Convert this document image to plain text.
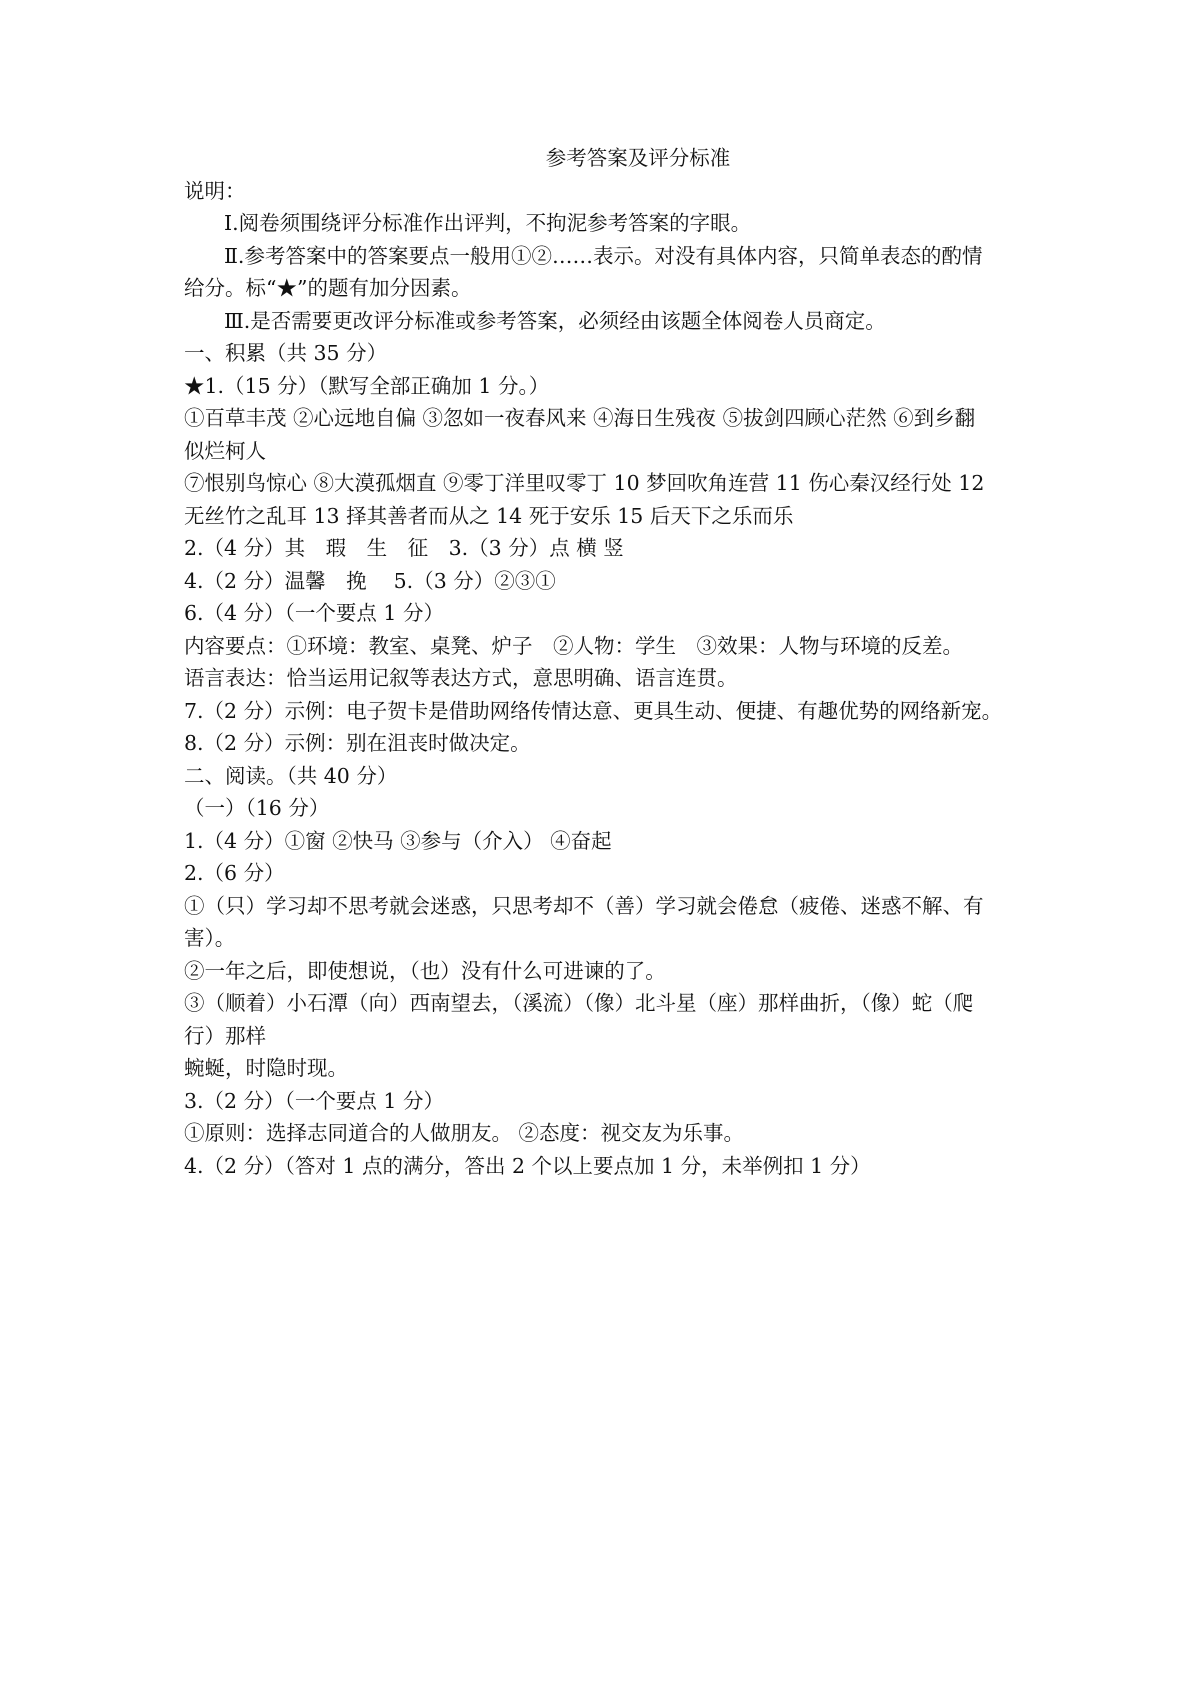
参考答案及评分标准
说明：
Ⅰ.阅卷须围绕评分标准作出评判，不拘泥参考答案的字眼。
Ⅱ.参考答案中的答案要点一般用①②……表示。对没有具体内容，只简单表态的酌情
给分。标“★”的题有加分因素。
Ⅲ.是否需要更改评分标准或参考答案，必须经由该题全体阅卷人员商定。
一、积累（共 35 分）
★1.（15 分）（默写全部正确加 1 分。）
①百草丰茂 ②心远地自偏 ③忽如一夜春风来 ④海日生残夜 ⑤拔剑四顾心茫然 ⑥到乡翻
似烂柯人
⑦恨别鸟惊心 ⑧大漠孤烟直 ⑨零丁洋里叹零丁 10 梦回吹角连营 11 伤心秦汉经行处 12
无丝竹之乱耳 13 择其善者而从之 14 死于安乐 15 后天下之乐而乐
2.（4 分）其　瑕　生　征　3.（3 分）点 横 竖
4.（2 分）温馨　挽　 5.（3 分）②③①
6.（4 分）（一个要点 1 分）
内容要点：①环境：教室、桌凳、炉子　②人物：学生　③效果：人物与环境的反差。
语言表达：恰当运用记叙等表达方式，意思明确、语言连贯。
7.（2 分）示例：电子贺卡是借助网络传情达意、更具生动、便捷、有趣优势的网络新宠。
8.（2 分）示例：别在沮丧时做决定。
二、阅读。（共 40 分）
（一）（16 分）
1.（4 分）①窗 ②快马 ③参与（介入） ④奋起
2.（6 分）
①（只）学习却不思考就会迷惑，只思考却不（善）学习就会倦怠（疲倦、迷惑不解、有害）。
②一年之后，即使想说，（也）没有什么可进谏的了。
③（顺着）小石潭（向）西南望去，（溪流）（像）北斗星（座）那样曲折，（像）蛇（爬
行）那样
蜿蜒，时隐时现。
3.（2 分）（一个要点 1 分）
①原则：选择志同道合的人做朋友。 ②态度：视交友为乐事。
4.（2 分）（答对 1 点的满分，答出 2 个以上要点加 1 分，未举例扣 1 分）
